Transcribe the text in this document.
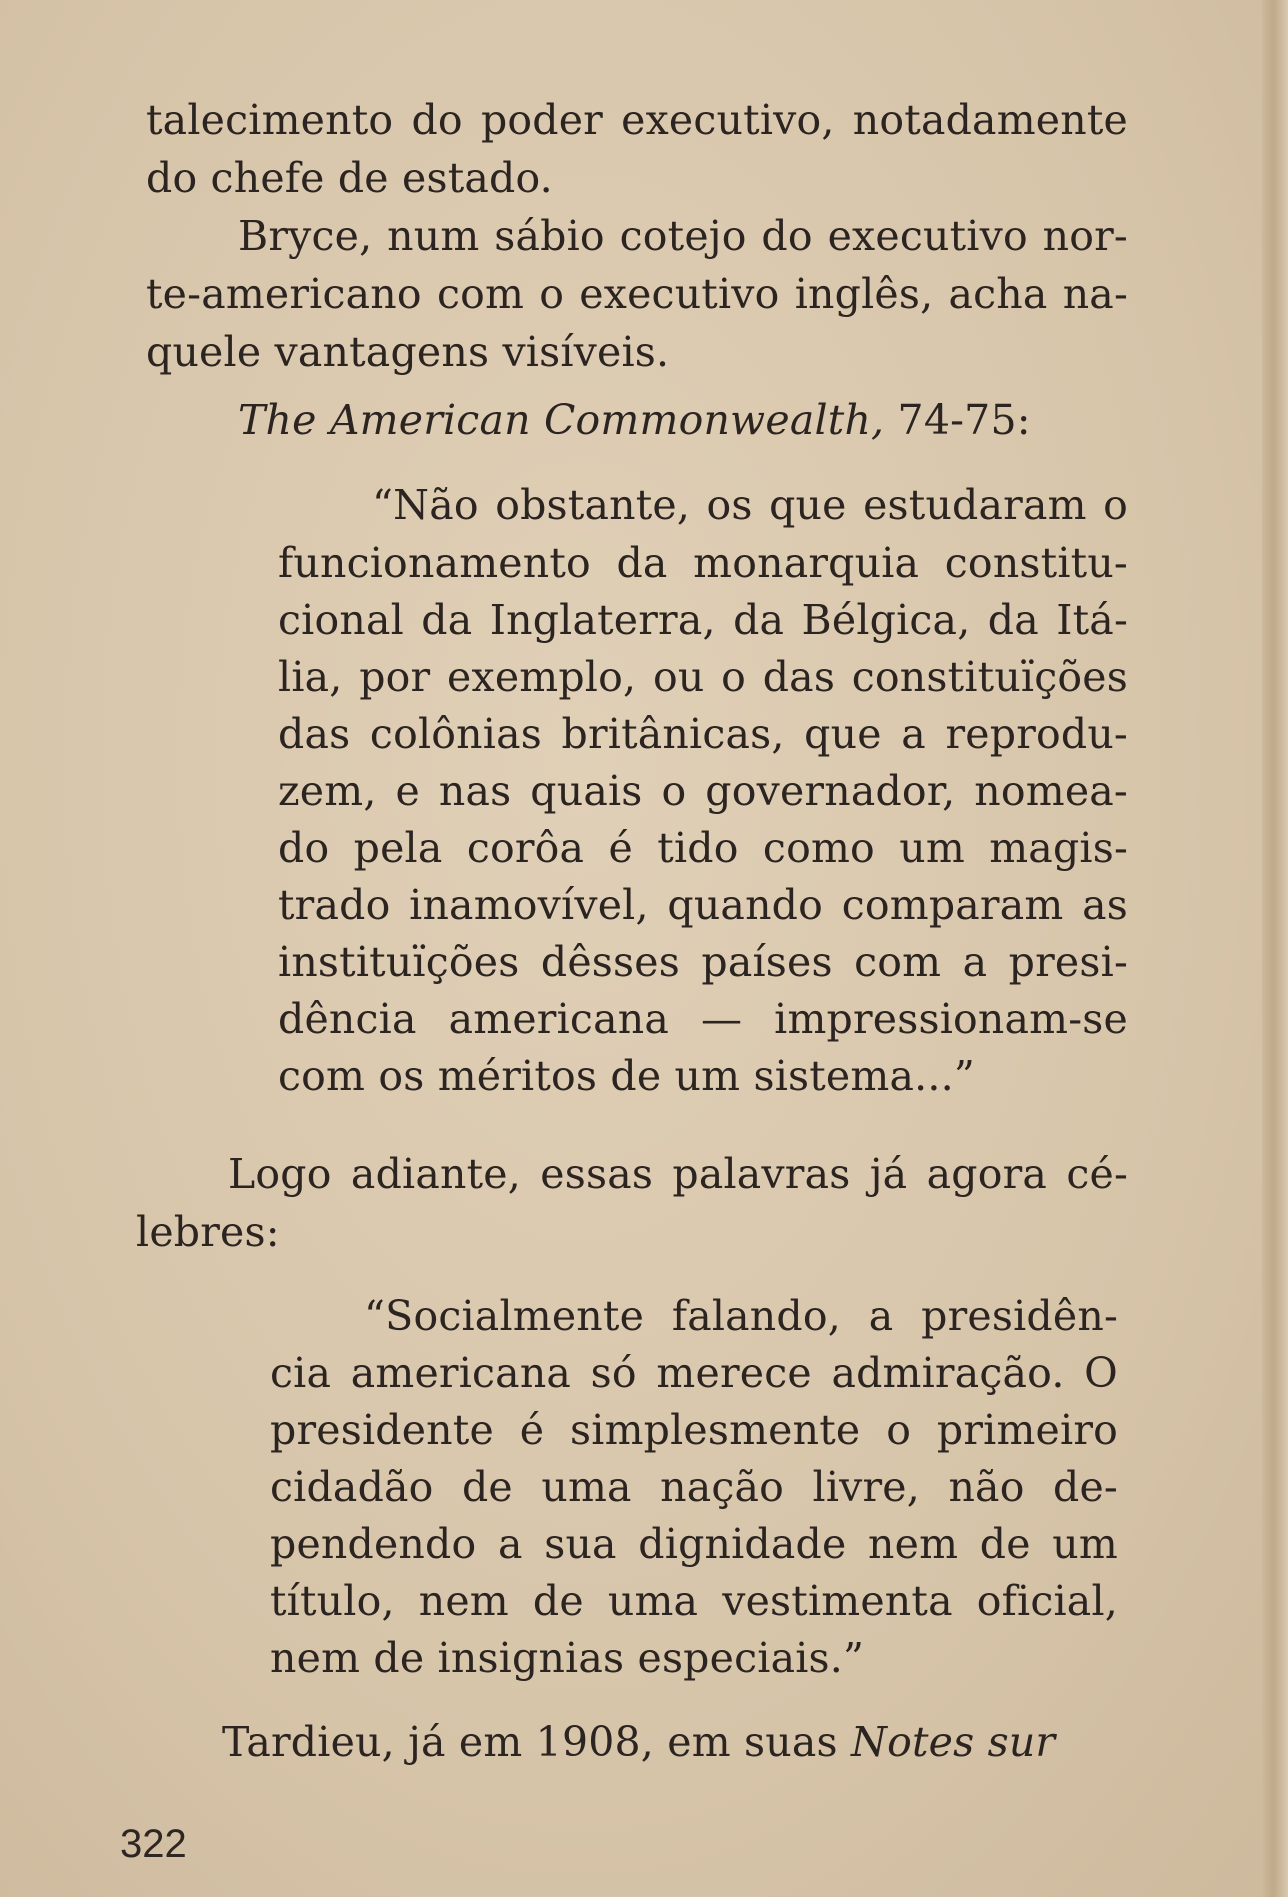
talecimento do poder executivo, notadamente
do chefe de estado.
Bryce, num sábio cotejo do executivo nor-
te-americano com o executivo inglês, acha na-
quele vantagens visíveis.
The American Commonwealth, 74-75:
“Não obstante, os que estudaram o
funcionamento da monarquia constitu-
cional da Inglaterra, da Bélgica, da Itá-
lia, por exemplo, ou o das constituïções
das colônias britânicas, que a reprodu-
zem, e nas quais o governador, nomea-
do pela corôa é tido como um magis-
trado inamovível, quando comparam as
instituïções dêsses países com a presi-
dência americana — impressionam-se
com os méritos de um sistema...”
Logo adiante, essas palavras já agora cé-
lebres:
“Socialmente falando, a presidên-
cia americana só merece admiração. O
presidente é simplesmente o primeiro
cidadão de uma nação livre, não de-
pendendo a sua dignidade nem de um
título, nem de uma vestimenta oficial,
nem de insignias especiais.”
Tardieu, já em 1908, em suas Notes sur
322
